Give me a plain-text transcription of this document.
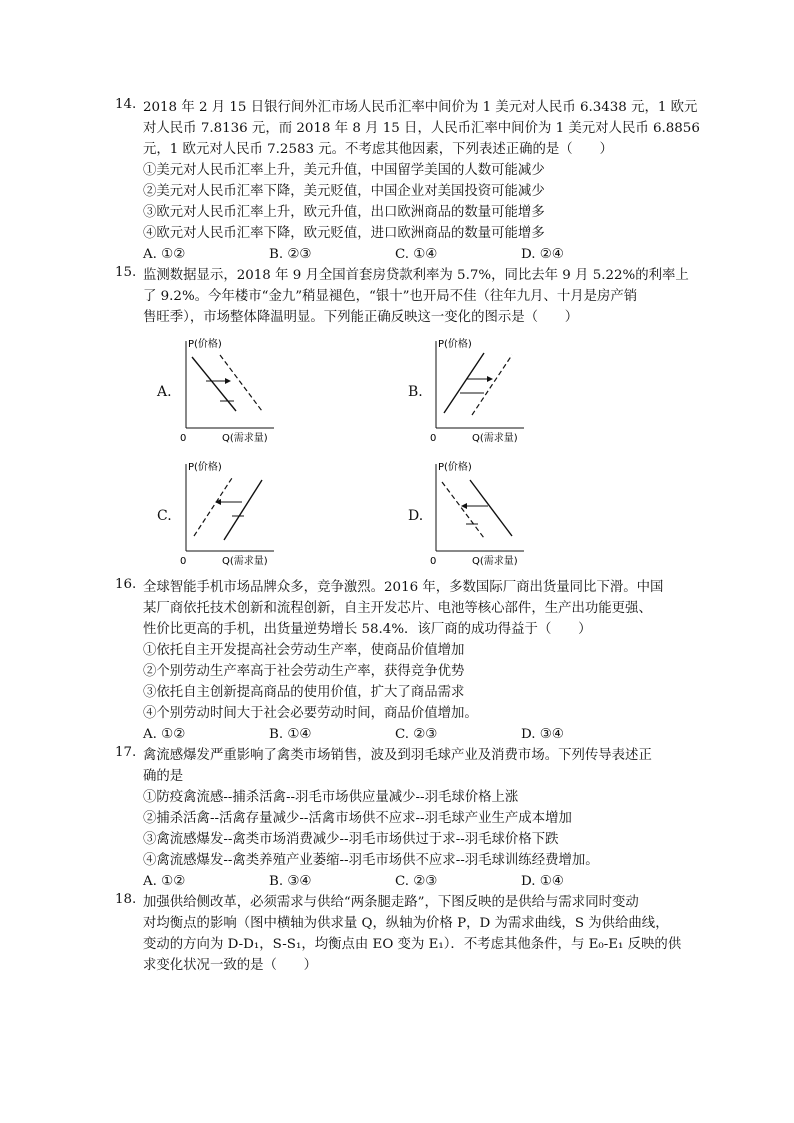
14. 2018 年 2 月 15 日银行间外汇市场人民币汇率中间价为 1 美元对人民币 6.3438 元，1 欧元
对人民币 7.8136 元，而 2018 年 8 月 15 日，人民币汇率中间价为 1 美元对人民币 6.8856
元，1 欧元对人民币 7.2583 元。不考虑其他因素，下列表述正确的是（　　）
①美元对人民币汇率上升，美元升值，中国留学美国的人数可能减少
②美元对人民币汇率下降，美元贬值，中国企业对美国投资可能减少
③欧元对人民币汇率上升，欧元升值，出口欧洲商品的数量可能增多
④欧元对人民币汇率下降，欧元贬值，进口欧洲商品的数量可能增多
A. ①②	B. ②③	C. ①④	D. ②④
15. 监测数据显示，2018 年 9 月全国首套房贷款利率为 5.7%，同比去年 9 月 5.22%的利率上
了 9.2%。今年楼市“金九”稍显褪色，“银十”也开局不佳（往年九月、十月是房产销
售旺季），市场整体降温明显。下列能正确反映这一变化的图示是（　　）
A.
P(价格)
Q(需求量)
0
B.
P(价格)
Q(需求量)
0
C.
P(价格)
Q(需求量)
0
D.
P(价格)
Q(需求量)
0
16. 全球智能手机市场品牌众多，竞争激烈。2016 年，多数国际厂商出货量同比下滑。中国
某厂商依托技术创新和流程创新，自主开发芯片、电池等核心部件，生产出功能更强、
性价比更高的手机，出货量逆势增长 58.4%．该厂商的成功得益于（　　）
①依托自主开发提高社会劳动生产率，使商品价值增加
②个别劳动生产率高于社会劳动生产率，获得竞争优势
③依托自主创新提高商品的使用价值，扩大了商品需求
④个别劳动时间大于社会必要劳动时间，商品价值增加。
A. ①②	B. ①④	C. ②③	D. ③④
17. 禽流感爆发严重影响了禽类市场销售，波及到羽毛球产业及消费市场。下列传导表述正
确的是
①防疫禽流感--捕杀活禽--羽毛市场供应量减少--羽毛球价格上涨
②捕杀活禽--活禽存量减少--活禽市场供不应求--羽毛球产业生产成本增加
③禽流感爆发--禽类市场消费减少--羽毛市场供过于求--羽毛球价格下跌
④禽流感爆发--禽类养殖产业萎缩--羽毛市场供不应求--羽毛球训练经费增加。
A. ①②	B. ③④	C. ②③	D. ①④
18. 加强供给侧改革，必须需求与供给“两条腿走路”，下图反映的是供给与需求同时变动
对均衡点的影响（图中横轴为供求量 Q，纵轴为价格 P，D 为需求曲线，S 为供给曲线，
变动的方向为 D-D₁，S-S₁，均衡点由 EO 变为 E₁）．不考虑其他条件，与 E₀-E₁ 反映的供
求变化状况一致的是（　　）
